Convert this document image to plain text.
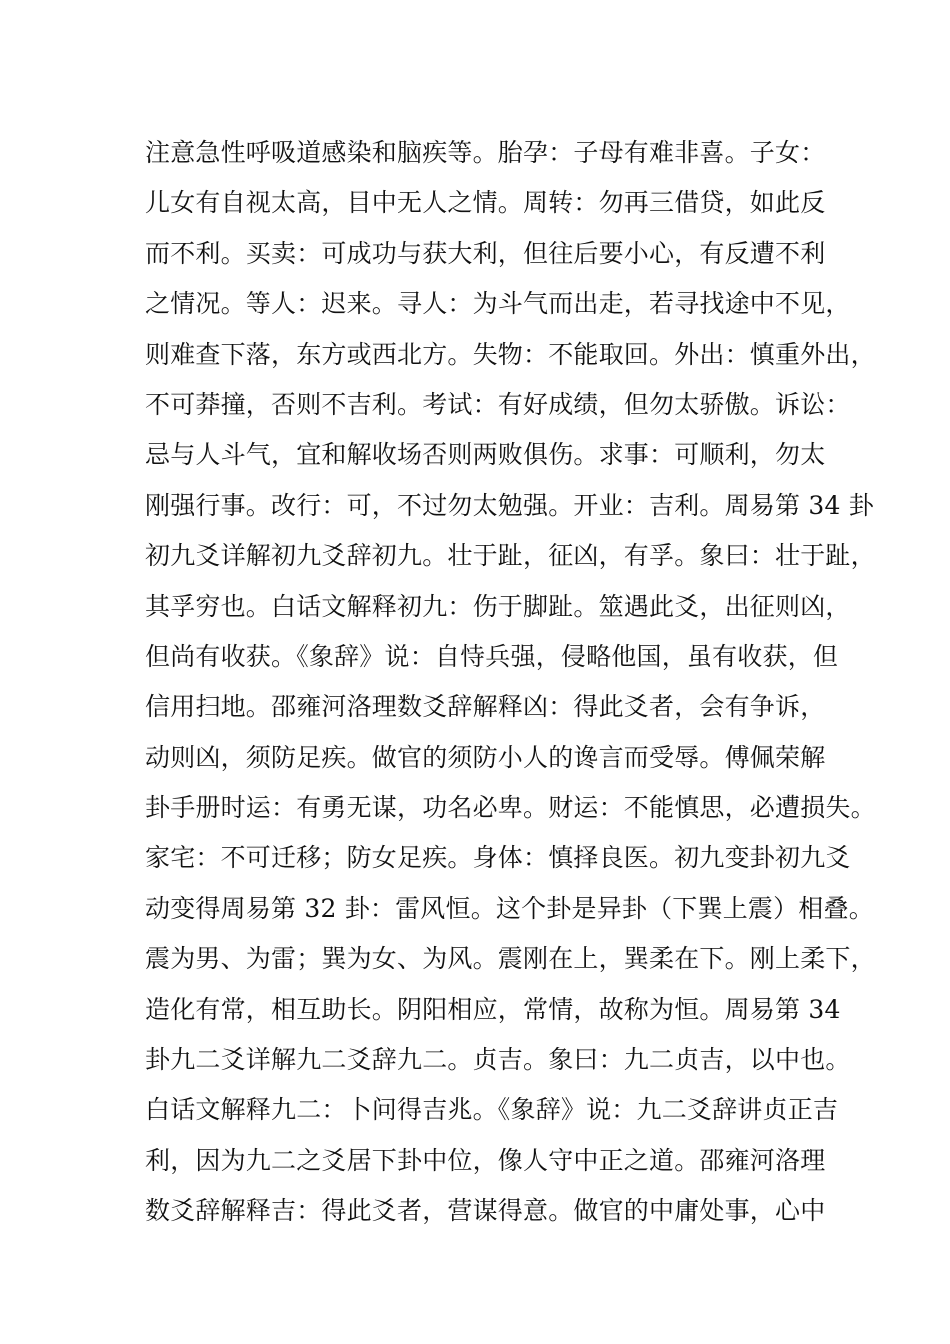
注意急性呼吸道感染和脑疾等。胎孕：子母有难非喜。子女：
儿女有自视太高，目中无人之情。周转：勿再三借贷，如此反
而不利。买卖：可成功与获大利，但往后要小心，有反遭不利
之情况。等人：迟来。寻人：为斗气而出走，若寻找途中不见，
则难查下落，东方或西北方。失物：不能取回。外出：慎重外出，
不可莽撞，否则不吉利。考试：有好成绩，但勿太骄傲。诉讼：
忌与人斗气，宜和解收场否则两败俱伤。求事：可顺利，勿太
刚强行事。改行：可，不过勿太勉强。开业：吉利。周易第 34 卦
初九爻详解初九爻辞初九。壮于趾，征凶，有孚。象曰：壮于趾，
其孚穷也。白话文解释初九：伤于脚趾。筮遇此爻，出征则凶，
但尚有收获。《象辞》说：自恃兵强，侵略他国，虽有收获，但
信用扫地。邵雍河洛理数爻辞解释凶：得此爻者，会有争诉，
动则凶，须防足疾。做官的须防小人的谗言而受辱。傅佩荣解
卦手册时运：有勇无谋，功名必卑。财运：不能慎思，必遭损失。
家宅：不可迁移；防女足疾。身体：慎择良医。初九变卦初九爻
动变得周易第 32 卦：雷风恒。这个卦是异卦（下巽上震）相叠。
震为男、为雷；巽为女、为风。震刚在上，巽柔在下。刚上柔下，
造化有常，相互助长。阴阳相应，常情，故称为恒。周易第 34
卦九二爻详解九二爻辞九二。贞吉。象曰：九二贞吉，以中也。
白话文解释九二：卜问得吉兆。《象辞》说：九二爻辞讲贞正吉
利，因为九二之爻居下卦中位，像人守中正之道。邵雍河洛理
数爻辞解释吉：得此爻者，营谋得意。做官的中庸处事，心中
